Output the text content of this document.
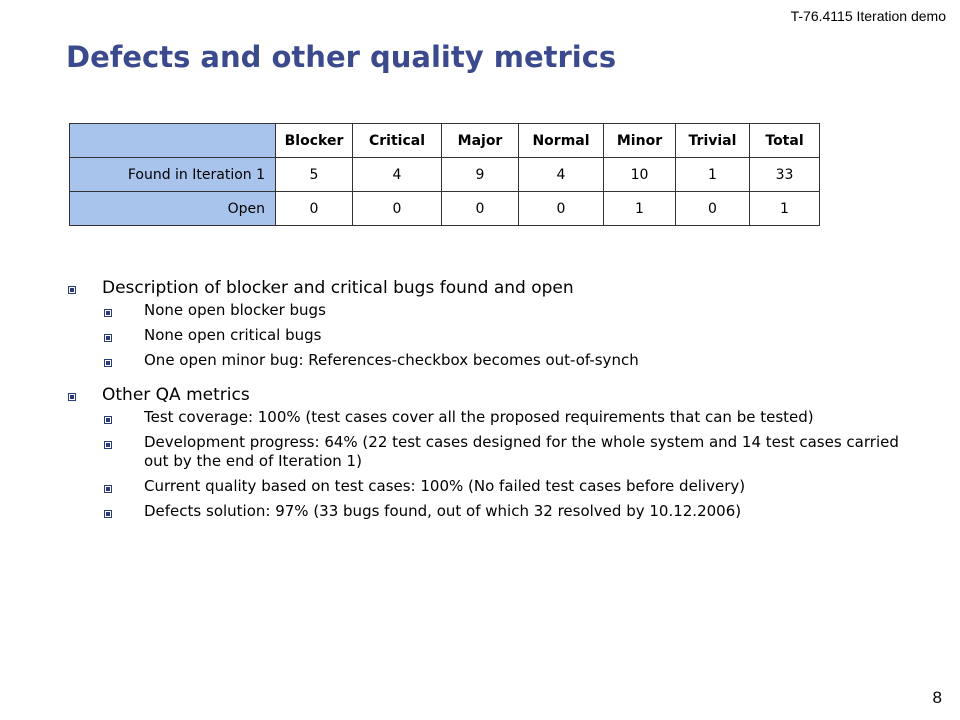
T-76.4115 Iteration demo
Defects and other quality metrics
	Blocker	Critical	Major	Normal	Minor	Trivial	Total
Found in Iteration 1	5	4	9	4	10	1	33
Open	0	0	0	0	1	0	1
Description of blocker and critical bugs found and open
None open blocker bugs
None open critical bugs
One open minor bug: References-checkbox becomes out-of-synch
Other QA metrics
Test coverage: 100% (test cases cover all the proposed requirements that can be tested)
Development progress: 64% (22 test cases designed for the whole system and 14 test cases carried out by the end of Iteration 1)
Current quality based on test cases: 100% (No failed test cases before delivery)
Defects solution: 97% (33 bugs found, out of which 32 resolved by 10.12.2006)
8
